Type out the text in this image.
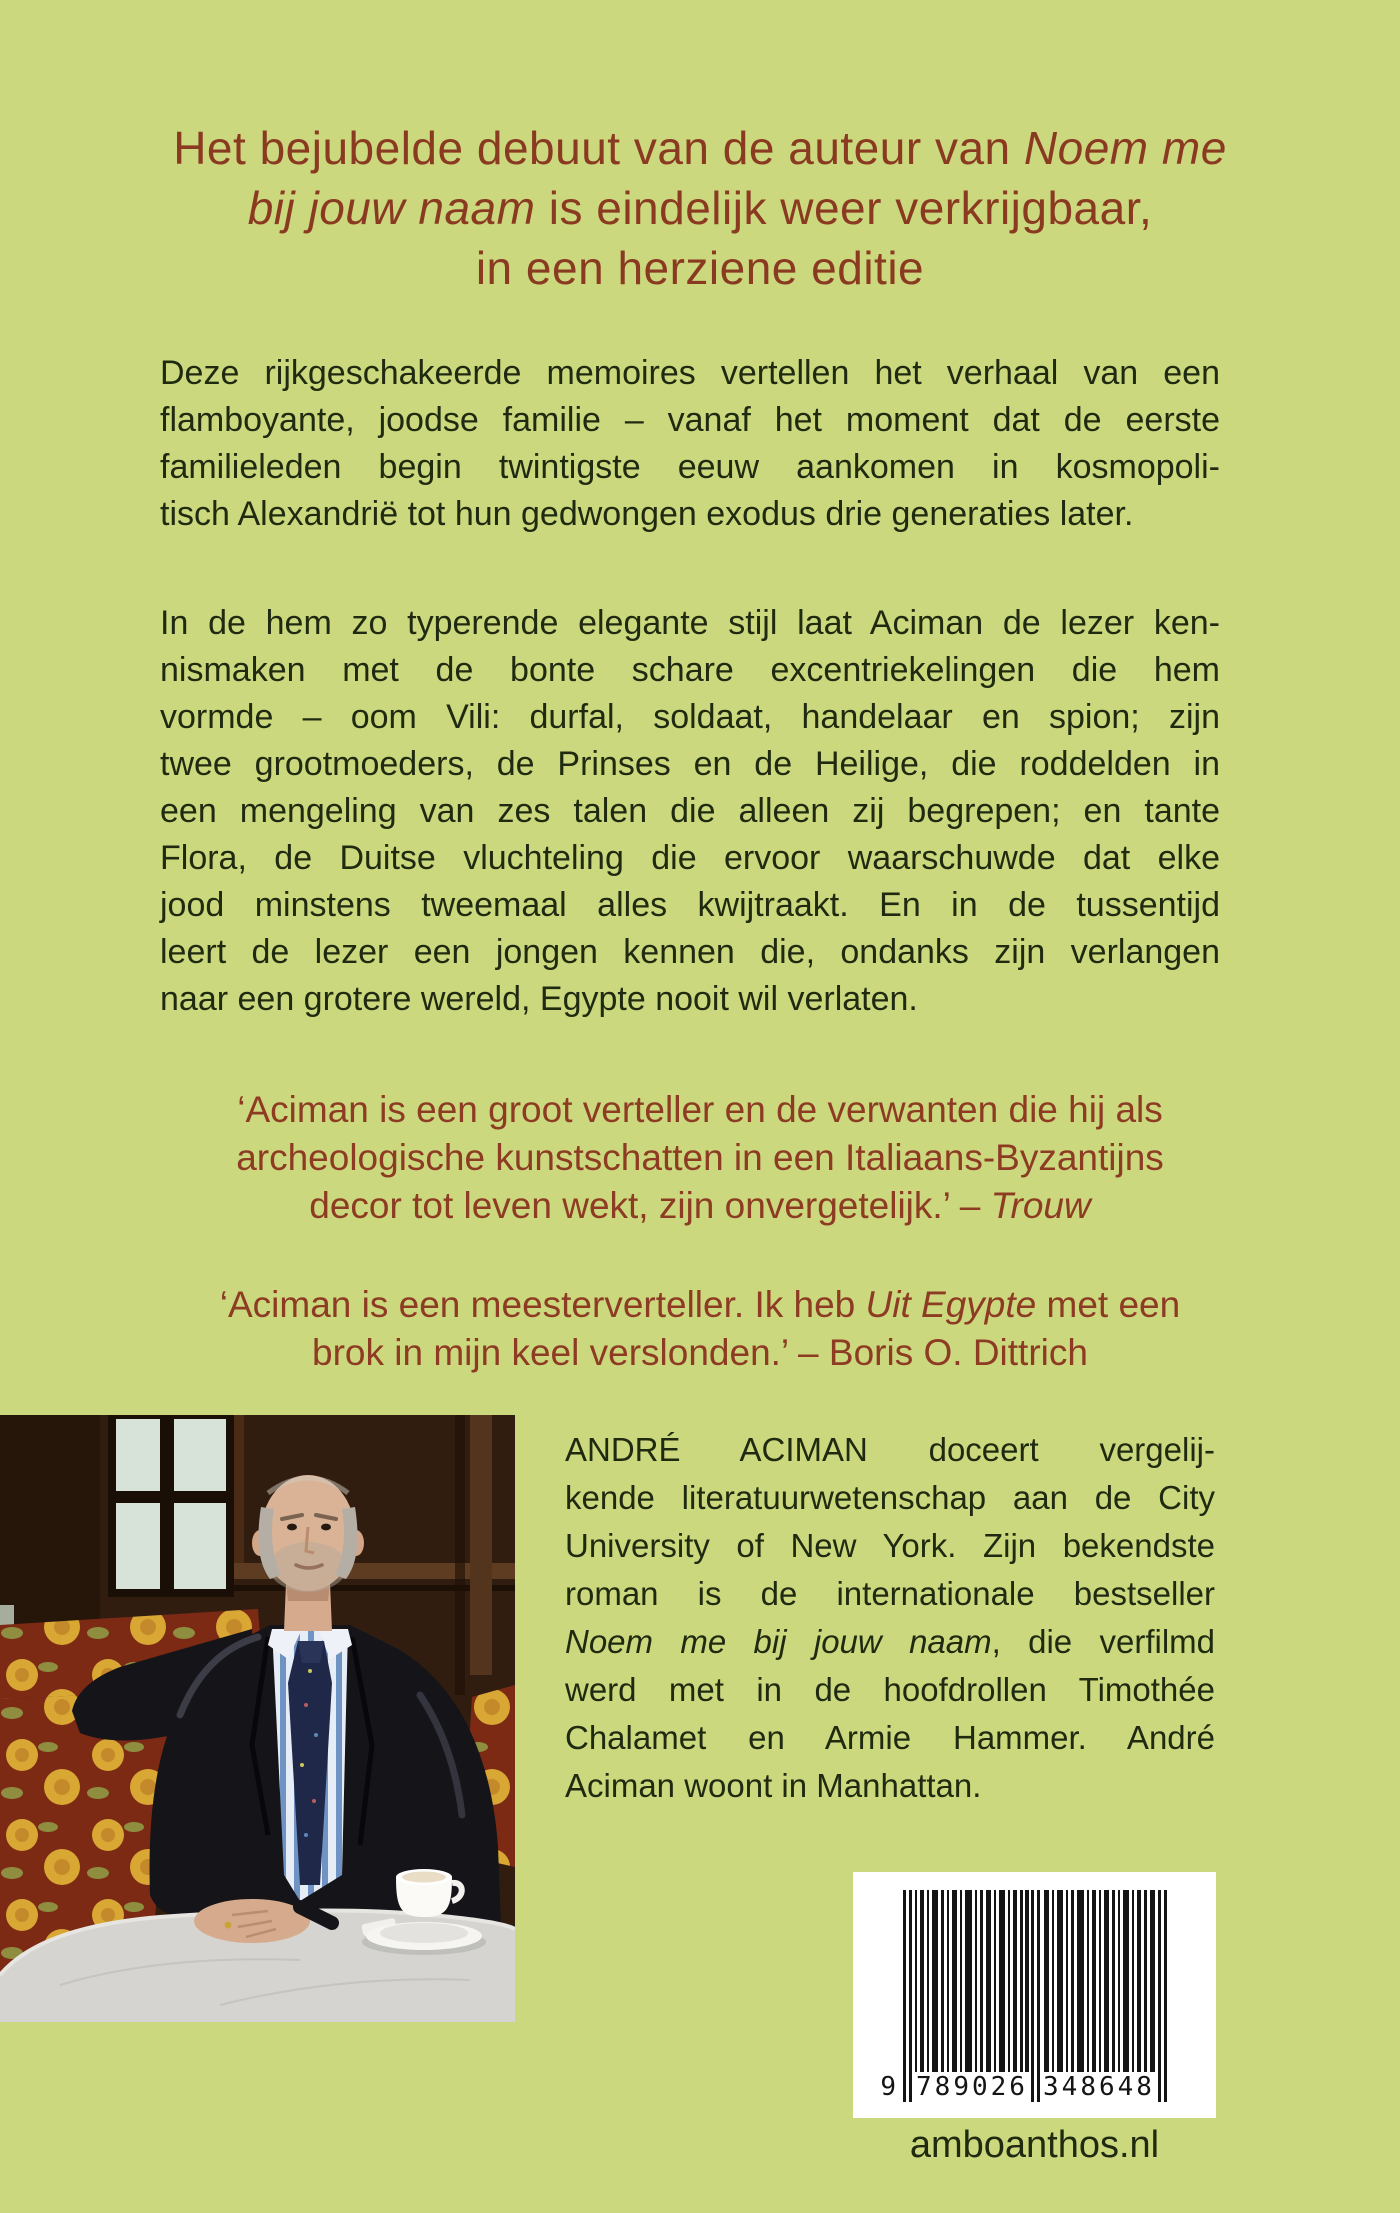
Het bejubelde debuut van de auteur van Noem me
bij jouw naam is eindelijk weer verkrijgbaar,
in een herziene editie
Deze rijkgeschakeerde memoires vertellen het verhaal van een
flamboyante, joodse familie – vanaf het moment dat de eerste
familieleden begin twintigste eeuw aankomen in kosmopoli-
tisch Alexandrië tot hun gedwongen exodus drie generaties later.
In de hem zo typerende elegante stijl laat Aciman de lezer ken-
nismaken met de bonte schare excentriekelingen die hem
vormde – oom Vili: durfal, soldaat, handelaar en spion; zijn
twee grootmoeders, de Prinses en de Heilige, die roddelden in
een mengeling van zes talen die alleen zij begrepen; en tante
Flora, de Duitse vluchteling die ervoor waarschuwde dat elke
jood minstens tweemaal alles kwijtraakt. En in de tussentijd
leert de lezer een jongen kennen die, ondanks zijn verlangen
naar een grotere wereld, Egypte nooit wil verlaten.
‘Aciman is een groot verteller en de verwanten die hij als
archeologische kunstschatten in een Italiaans-Byzantijns
decor tot leven wekt, zijn onvergetelijk.’ – Trouw
‘Aciman is een meesterverteller. Ik heb Uit Egypte met een
brok in mijn keel verslonden.’ – Boris O. Dittrich
ANDRÉ ACIMAN doceert vergelij-
kende literatuurwetenschap aan de City
University of New York. Zijn bekendste
roman is de internationale bestseller
Noem me bij jouw naam, die verfilmd
werd met in de hoofdrollen Timothée
Chalamet en Armie Hammer. André
Aciman woont in Manhattan.
9 789026 348648
amboanthos.nl
